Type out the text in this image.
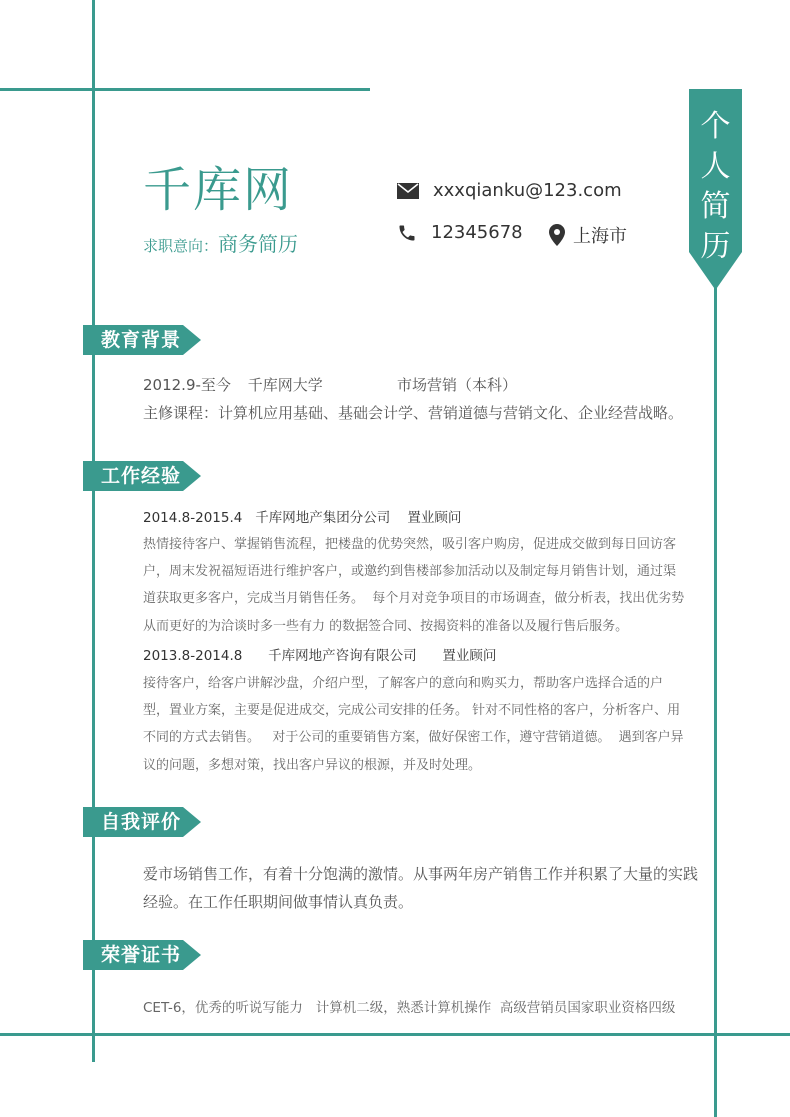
个
人
简
历
千库网
求职意向：商务简历
xxxqianku@123.com
12345678	上海市
教育背景
2012.9-至今 千库网大学	市场营销（本科）
主修课程：计算机应用基础、基础会计学、营销道德与营销文化、企业经营战略。
工作经验
2014.8-2015.4   千库网地产集团分公司    置业顾问
热情接待客户、掌握销售流程，把楼盘的优势突然，吸引客户购房，促进成交做到每日回访客
户，周末发祝福短语进行维护客户，或邀约到售楼部参加活动以及制定每月销售计划，通过渠
道获取更多客户，完成当月销售任务。  每个月对竞争项目的市场调查，做分析表，找出优劣势
从而更好的为洽谈时多一些有力 的数据签合同、按揭资料的准备以及履行售后服务。
2013.8-2014.8      千库网地产咨询有限公司      置业顾问
接待客户，给客户讲解沙盘，介绍户型，了解客户的意向和购买力，帮助客户选择合适的户
型，置业方案，主要是促进成交，完成公司安排的任务。 针对不同性格的客户，分析客户、用
不同的方式去销售。   对于公司的重要销售方案，做好保密工作，遵守营销道德。  遇到客户异
议的问题，多想对策，找出客户异议的根源，并及时处理。
自我评价
爱市场销售工作，有着十分饱满的激情。从事两年房产销售工作并积累了大量的实践
经验。在工作任职期间做事情认真负责。
荣誉证书
CET-6，优秀的听说写能力   计算机二级，熟悉计算机操作  高级营销员国家职业资格四级
